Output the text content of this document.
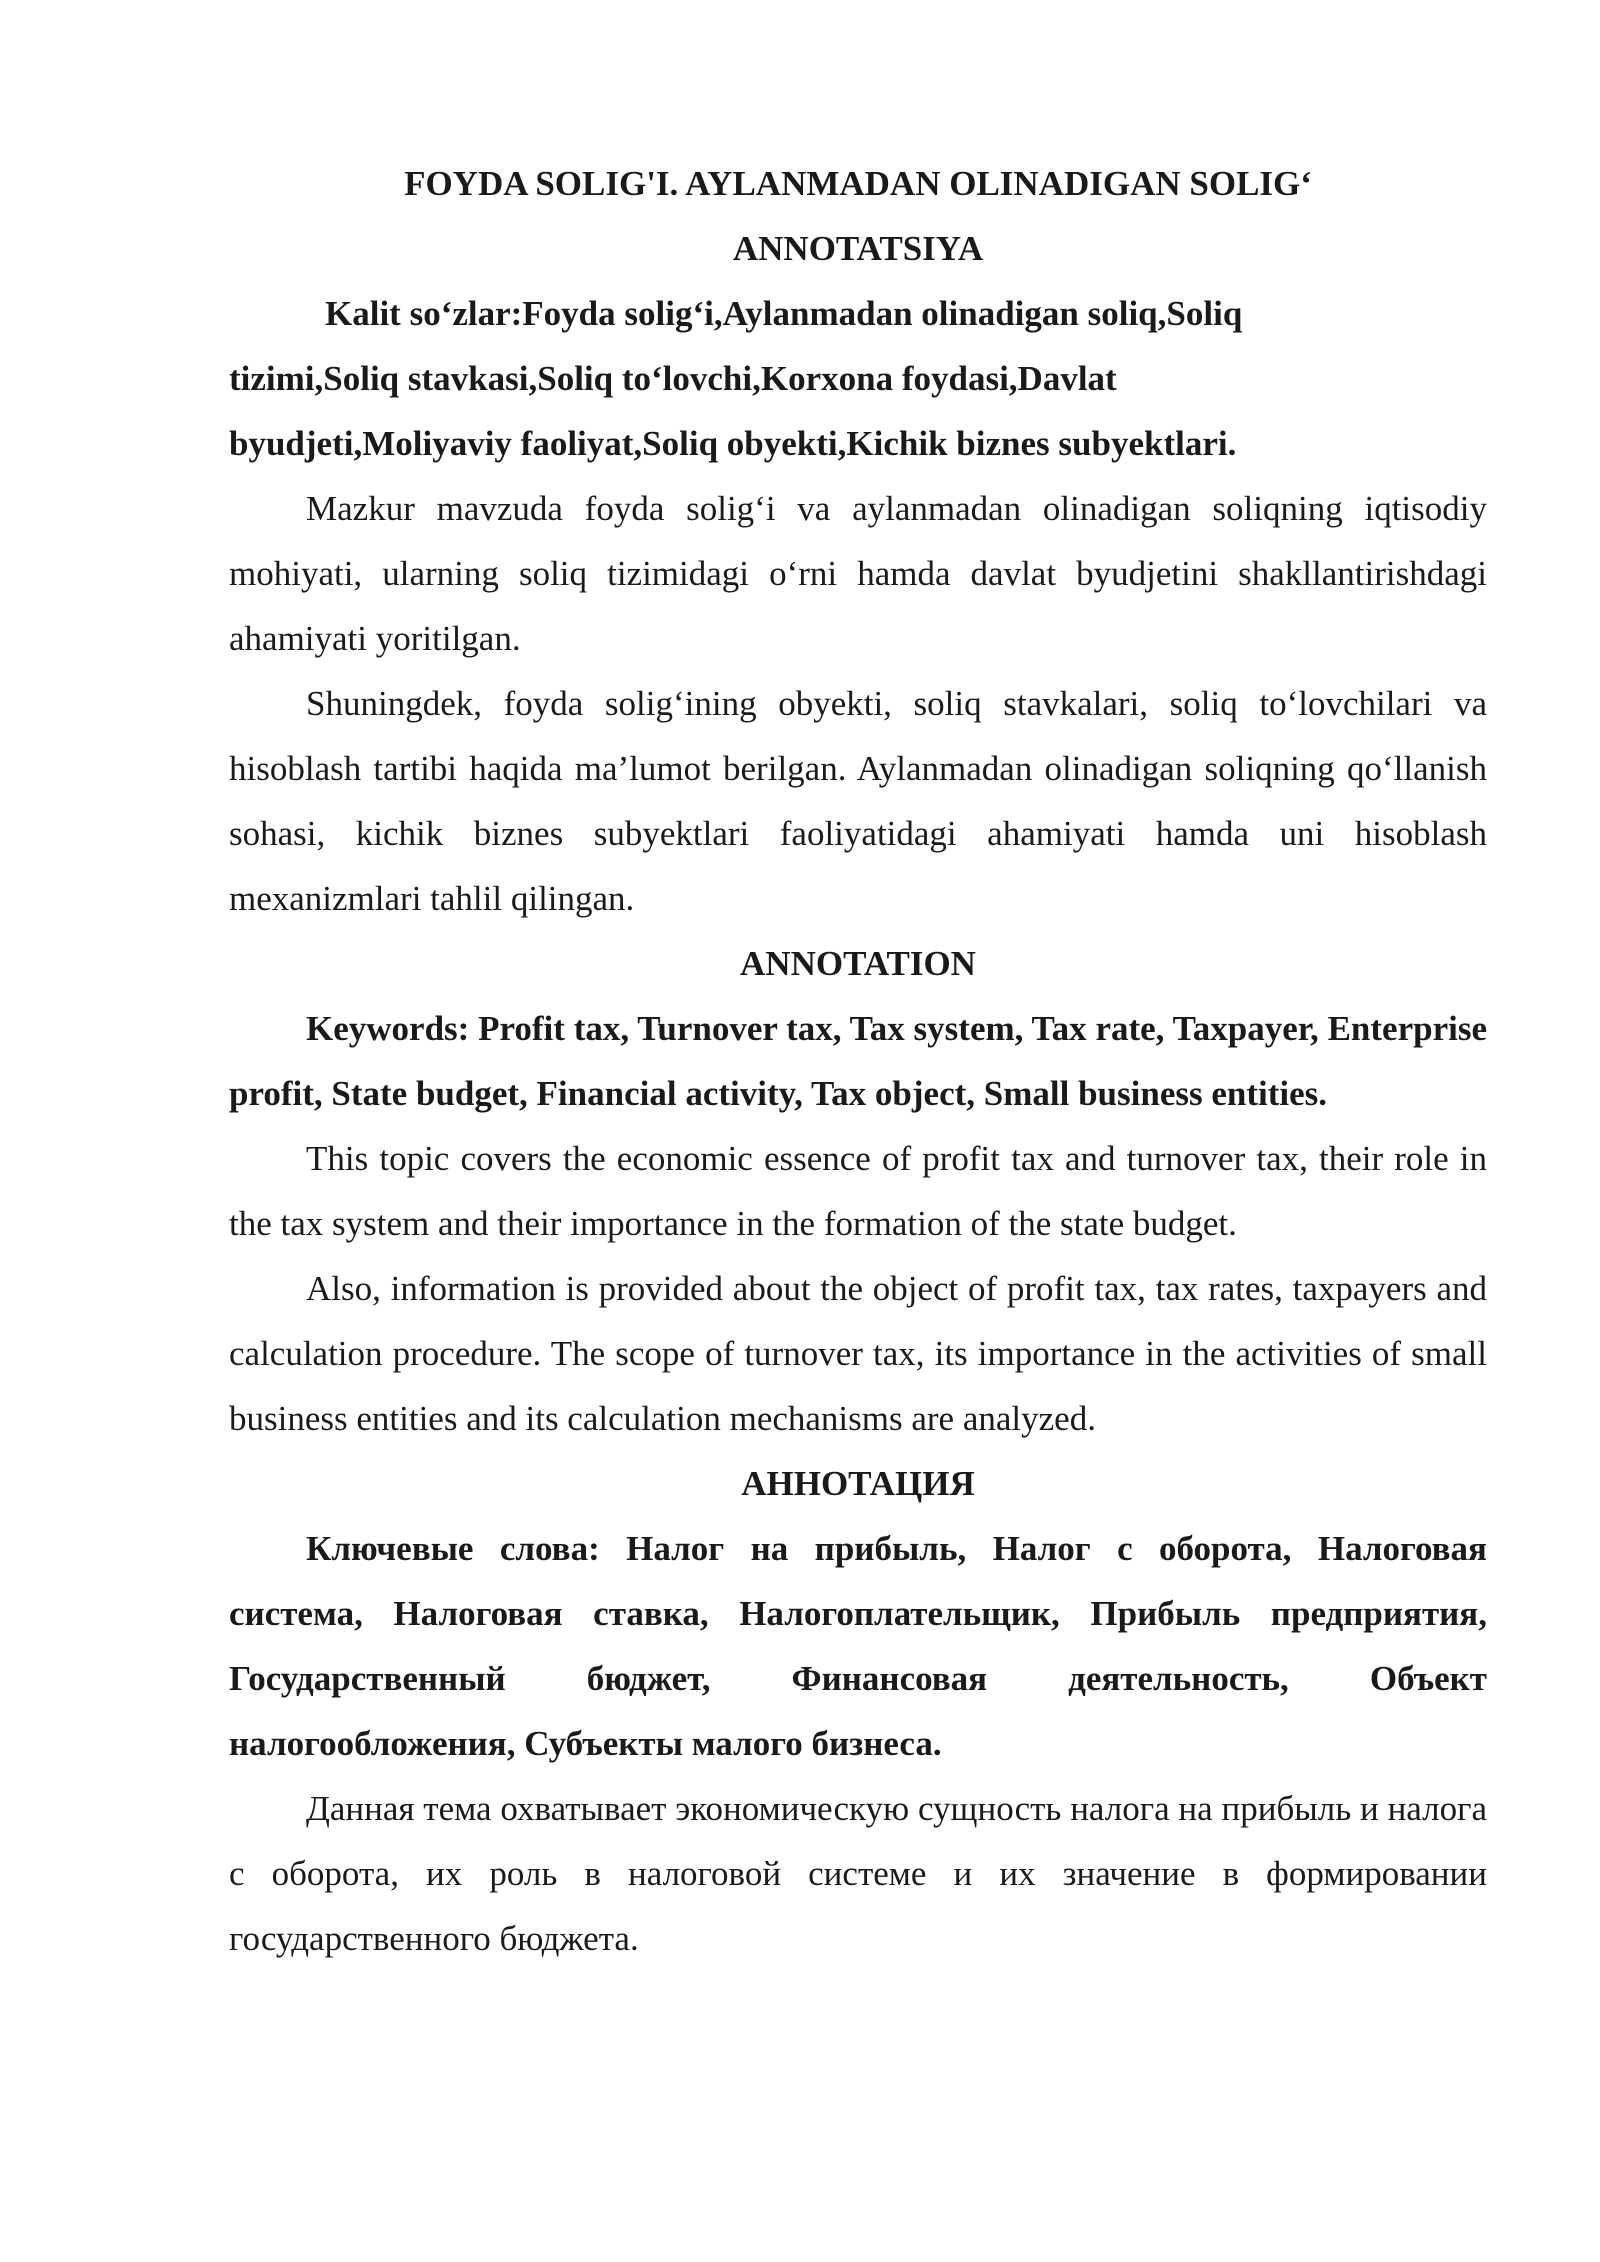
FOYDA SOLIG'I. AYLANMADAN OLINADIGAN SOLIG‘

ANNOTATSIYA

Kalit so‘zlar:Foyda solig‘i,Aylanmadan olinadigan soliq,Soliq
tizimi,Soliq stavkasi,Soliq to‘lovchi,Korxona foydasi,Davlat
byudjeti,Moliyaviy faoliyat,Soliq obyekti,Kichik biznes subyektlari.

Mazkur mavzuda foyda solig‘i va aylanmadan olinadigan soliqning iqtisodiy mohiyati, ularning soliq tizimidagi o‘rni hamda davlat byudjetini shakllantirishdagi ahamiyati yoritilgan.

Shuningdek, foyda solig‘ining obyekti, soliq stavkalari, soliq to‘lovchilari va hisoblash tartibi haqida ma’lumot berilgan. Aylanmadan olinadigan soliqning qo‘llanish sohasi, kichik biznes subyektlari faoliyatidagi ahamiyati hamda uni hisoblash mexanizmlari tahlil qilingan.

ANNOTATION

Keywords: Profit tax, Turnover tax, Tax system, Tax rate, Taxpayer, Enterprise profit, State budget, Financial activity, Tax object, Small business entities.

This topic covers the economic essence of profit tax and turnover tax, their role in the tax system and their importance in the formation of the state budget.

Also, information is provided about the object of profit tax, tax rates, taxpayers and calculation procedure. The scope of turnover tax, its importance in the activities of small business entities and its calculation mechanisms are analyzed.

АННОТАЦИЯ

Ключевые слова: Налог на прибыль, Налог с оборота, Налоговая система, Налоговая ставка, Налогоплательщик, Прибыль предприятия, Государственный бюджет, Финансовая деятельность, Объект налогообложения, Субъекты малого бизнеса.

Данная тема охватывает экономическую сущность налога на прибыль и налога с оборота, их роль в налоговой системе и их значение в формировании государственного бюджета.
